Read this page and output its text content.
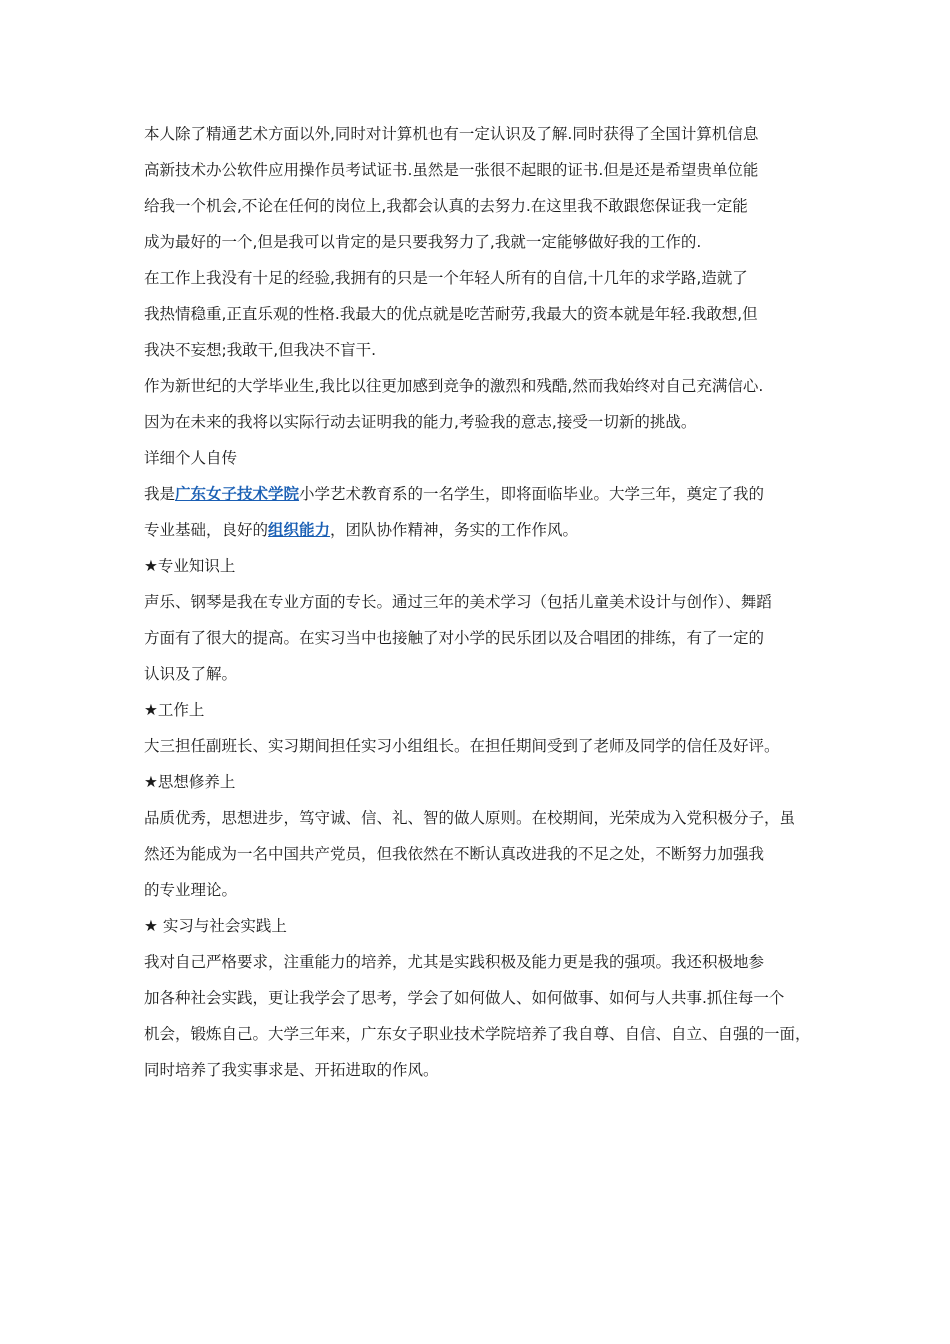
本人除了精通艺术方面以外,同时对计算机也有一定认识及了解.同时获得了全国计算机信息
高新技术办公软件应用操作员考试证书.虽然是一张很不起眼的证书.但是还是希望贵单位能
给我一个机会,不论在任何的岗位上,我都会认真的去努力.在这里我不敢跟您保证我一定能
成为最好的一个,但是我可以肯定的是只要我努力了,我就一定能够做好我的工作的.
在工作上我没有十足的经验,我拥有的只是一个年轻人所有的自信,十几年的求学路,造就了
我热情稳重,正直乐观的性格.我最大的优点就是吃苦耐劳,我最大的资本就是年轻.我敢想,但
我决不妄想;我敢干,但我决不盲干.
作为新世纪的大学毕业生,我比以往更加感到竞争的激烈和残酷,然而我始终对自己充满信心.
因为在未来的我将以实际行动去证明我的能力,考验我的意志,接受一切新的挑战。
详细个人自传
我是广东女子技术学院小学艺术教育系的一名学生，即将面临毕业。大学三年，奠定了我的
专业基础，良好的组织能力，团队协作精神，务实的工作作风。
★专业知识上
声乐、钢琴是我在专业方面的专长。通过三年的美术学习（包括儿童美术设计与创作）、舞蹈
方面有了很大的提高。在实习当中也接触了对小学的民乐团以及合唱团的排练，有了一定的
认识及了解。
★工作上
大三担任副班长、实习期间担任实习小组组长。在担任期间受到了老师及同学的信任及好评。
★思想修养上
品质优秀，思想进步，笃守诚、信、礼、智的做人原则。在校期间，光荣成为入党积极分子，虽
然还为能成为一名中国共产党员，但我依然在不断认真改进我的不足之处，不断努力加强我
的专业理论。
★ 实习与社会实践上
我对自己严格要求，注重能力的培养，尤其是实践积极及能力更是我的强项。我还积极地参
加各种社会实践，更让我学会了思考，学会了如何做人、如何做事、如何与人共事.抓住每一个
机会，锻炼自己。大学三年来，广东女子职业技术学院培养了我自尊、自信、自立、自强的一面，
同时培养了我实事求是、开拓进取的作风。
